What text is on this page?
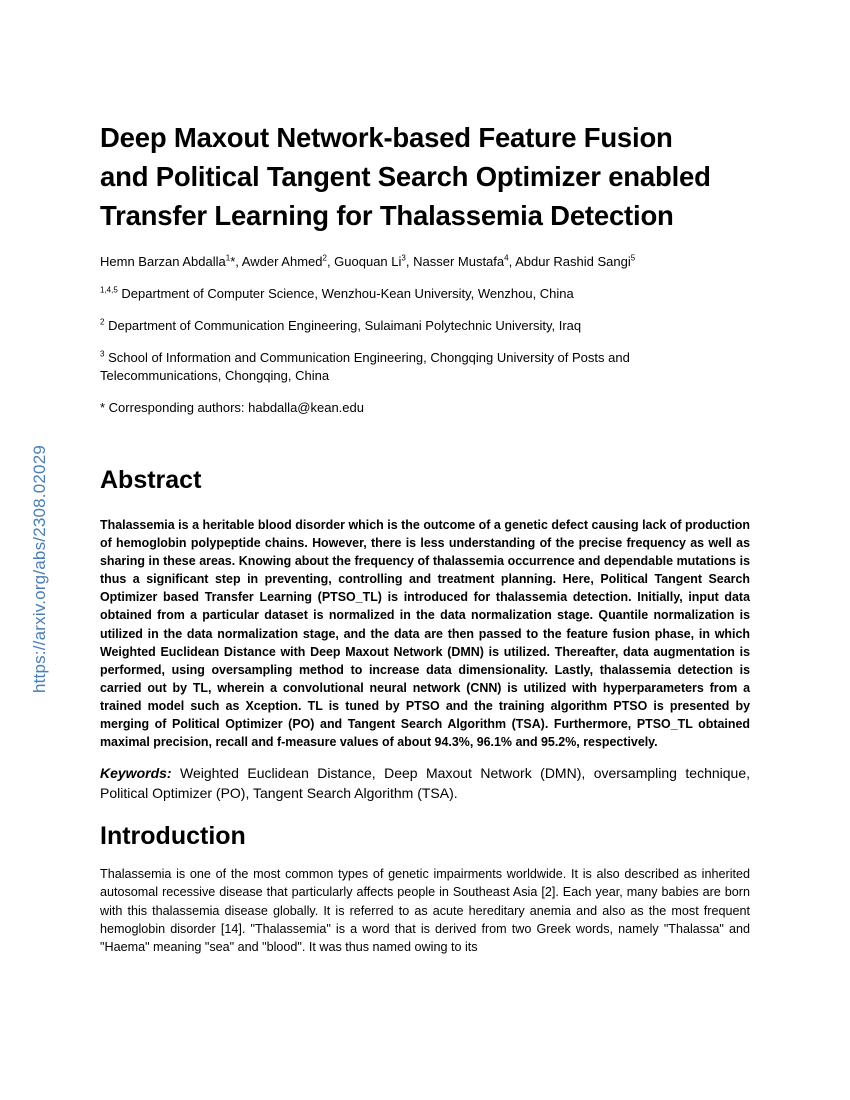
https://arxiv.org/abs/2308.02029
Deep Maxout Network-based Feature Fusion
and Political Tangent Search Optimizer enabled
Transfer Learning for Thalassemia Detection
Hemn Barzan Abdalla$^1$*, Awder Ahmed$^2$, Guoquan Li$^3$, Nasser Mustafa$^4$, Abdur Rashid Sangi$^5$
$^{1,4,5}$ Department of Computer Science, Wenzhou-Kean University, Wenzhou, China
$^2$ Department of Communication Engineering, Sulaimani Polytechnic University, Iraq
$^3$ School of Information and Communication Engineering, Chongqing University of Posts and Telecommunications, Chongqing, China
* Corresponding authors: habdalla@kean.edu
Abstract
Thalassemia is a heritable blood disorder which is the outcome of a genetic defect causing lack of production of hemoglobin polypeptide chains. However, there is less understanding of the precise frequency as well as sharing in these areas. Knowing about the frequency of thalassemia occurrence and dependable mutations is thus a significant step in preventing, controlling and treatment planning. Here, Political Tangent Search Optimizer based Transfer Learning (PTSO_TL) is introduced for thalassemia detection. Initially, input data obtained from a particular dataset is normalized in the data normalization stage. Quantile normalization is utilized in the data normalization stage, and the data are then passed to the feature fusion phase, in which Weighted Euclidean Distance with Deep Maxout Network (DMN) is utilized. Thereafter, data augmentation is performed, using oversampling method to increase data dimensionality. Lastly, thalassemia detection is carried out by TL, wherein a convolutional neural network (CNN) is utilized with hyperparameters from a trained model such as Xception. TL is tuned by PTSO and the training algorithm PTSO is presented by merging of Political Optimizer (PO) and Tangent Search Algorithm (TSA). Furthermore, PTSO_TL obtained maximal precision, recall and f-measure values of about 94.3%, 96.1% and 95.2%, respectively.
Keywords: Weighted Euclidean Distance, Deep Maxout Network (DMN), oversampling technique, Political Optimizer (PO), Tangent Search Algorithm (TSA).
Introduction
Thalassemia is one of the most common types of genetic impairments worldwide. It is also described as inherited autosomal recessive disease that particularly affects people in Southeast Asia [2]. Each year, many babies are born with this thalassemia disease globally. It is referred to as acute hereditary anemia and also as the most frequent hemoglobin disorder [14]. "Thalassemia" is a word that is derived from two Greek words, namely "Thalassa" and "Haema" meaning "sea" and "blood". It was thus named owing to its
